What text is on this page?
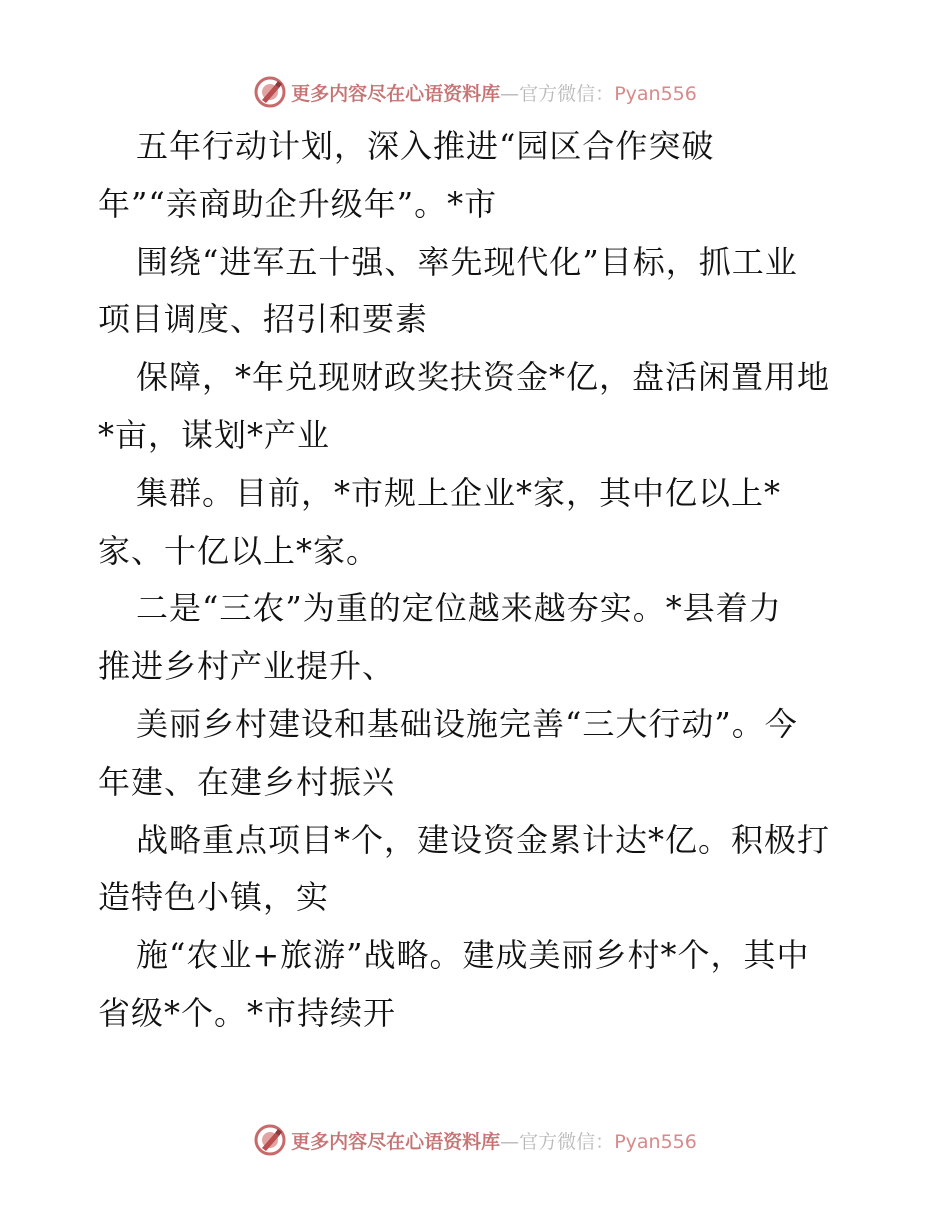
更多内容尽在心语资料库—官方微信：Pyan556
五年行动计划，深入推进“园区合作突破
年”“亲商助企升级年”。*市
围绕“进军五十强、率先现代化”目标，抓工业
项目调度、招引和要素
保障，*年兑现财政奖扶资金*亿，盘活闲置用地
*亩，谋划*产业
集群。目前，*市规上企业*家，其中亿以上*
家、十亿以上*家。
二是“三农”为重的定位越来越夯实。*县着力
推进乡村产业提升、
美丽乡村建设和基础设施完善“三大行动”。今
年建、在建乡村振兴
战略重点项目*个，建设资金累计达*亿。积极打
造特色小镇，实
施“农业+旅游”战略。建成美丽乡村*个，其中
省级*个。*市持续开
更多内容尽在心语资料库—官方微信：Pyan556
